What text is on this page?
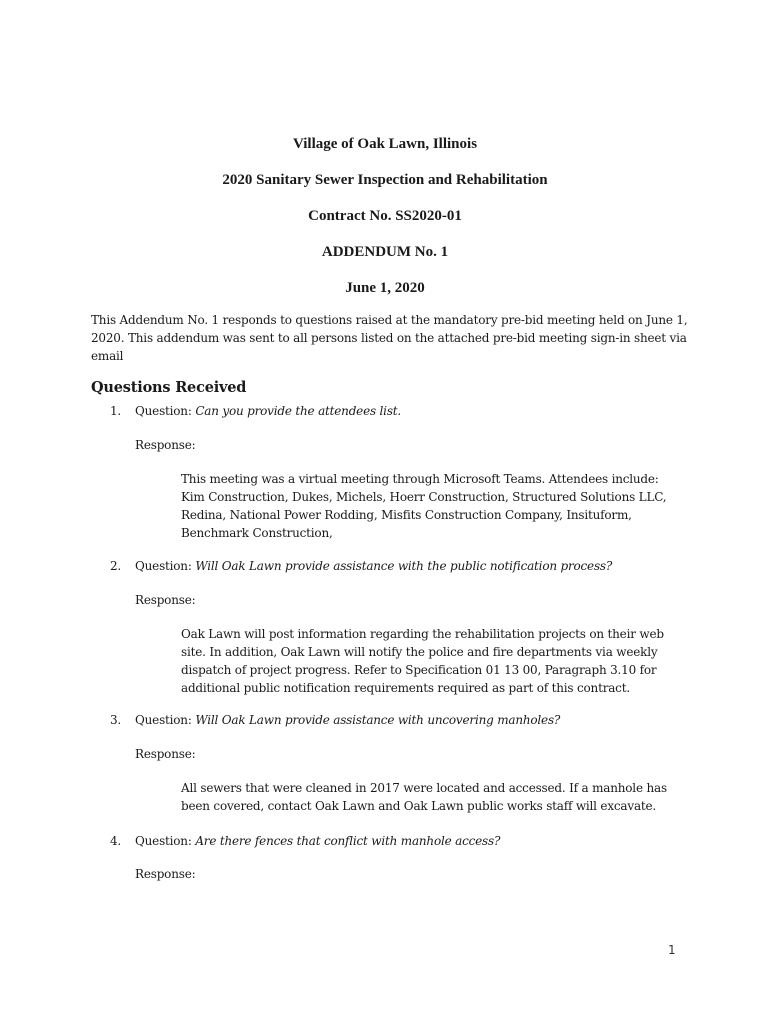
Village of Oak Lawn, Illinois
2020 Sanitary Sewer Inspection and Rehabilitation
Contract No. SS2020-01
ADDENDUM No. 1
June 1, 2020
This Addendum No. 1 responds to questions raised at the mandatory pre-bid meeting held on June 1, 2020. This addendum was sent to all persons listed on the attached pre-bid meeting sign-in sheet via email
Questions Received
1. Question: Can you provide the attendees list.
Response:
This meeting was a virtual meeting through Microsoft Teams. Attendees include: Kim Construction, Dukes, Michels, Hoerr Construction, Structured Solutions LLC, Redina, National Power Rodding, Misfits Construction Company, Insituform, Benchmark Construction,
2. Question: Will Oak Lawn provide assistance with the public notification process?
Response:
Oak Lawn will post information regarding the rehabilitation projects on their web site. In addition, Oak Lawn will notify the police and fire departments via weekly dispatch of project progress. Refer to Specification 01 13 00, Paragraph 3.10 for additional public notification requirements required as part of this contract.
3. Question: Will Oak Lawn provide assistance with uncovering manholes?
Response:
All sewers that were cleaned in 2017 were located and accessed. If a manhole has been covered, contact Oak Lawn and Oak Lawn public works staff will excavate.
4. Question: Are there fences that conflict with manhole access?
Response:
1
